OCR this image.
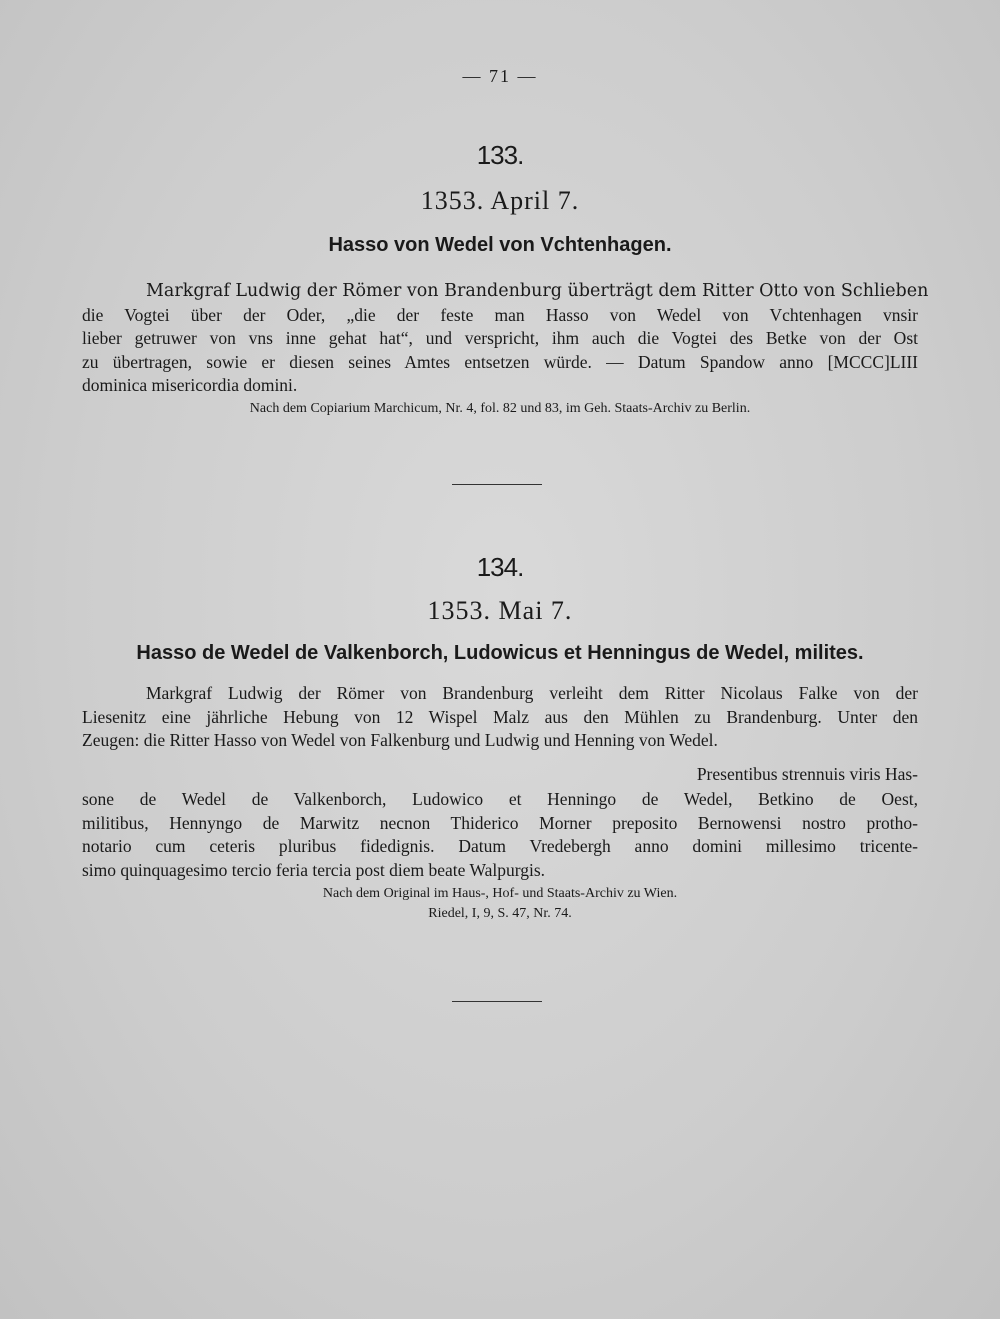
— 71 —
133.
1353. April 7.
Hasso von Wedel von Vchtenhagen.
Markgraf Ludwig der Römer von Brandenburg überträgt dem Ritter Otto von Schlieben
die Vogtei über der Oder, „die der feste man Hasso von Wedel von Vchtenhagen vnsir
lieber getruwer von vns inne gehat hat“, und verspricht, ihm auch die Vogtei des Betke von der Ost
zu übertragen, sowie er diesen seines Amtes entsetzen würde. — Datum Spandow anno [MCCC]LIII
dominica misericordia domini.
Nach dem Copiarium Marchicum, Nr. 4, fol. 82 und 83, im Geh. Staats-Archiv zu Berlin.
134.
1353. Mai 7.
Hasso de Wedel de Valkenborch, Ludowicus et Henningus de Wedel, milites.
Markgraf Ludwig der Römer von Brandenburg verleiht dem Ritter Nicolaus Falke von der
Liesenitz eine jährliche Hebung von 12 Wispel Malz aus den Mühlen zu Brandenburg. Unter den
Zeugen: die Ritter Hasso von Wedel von Falkenburg und Ludwig und Henning von Wedel.
Presentibus strennuis viris Has-
sone de Wedel de Valkenborch, Ludowico et Henningo de Wedel, Betkino de Oest,
militibus, Hennyngo de Marwitz necnon Thiderico Morner preposito Bernowensi nostro protho-
notario cum ceteris pluribus fidedignis. Datum Vredebergh anno domini millesimo tricente-
simo quinquagesimo tercio feria tercia post diem beate Walpurgis.
Nach dem Original im Haus-, Hof- und Staats-Archiv zu Wien.
Riedel, I, 9, S. 47, Nr. 74.
